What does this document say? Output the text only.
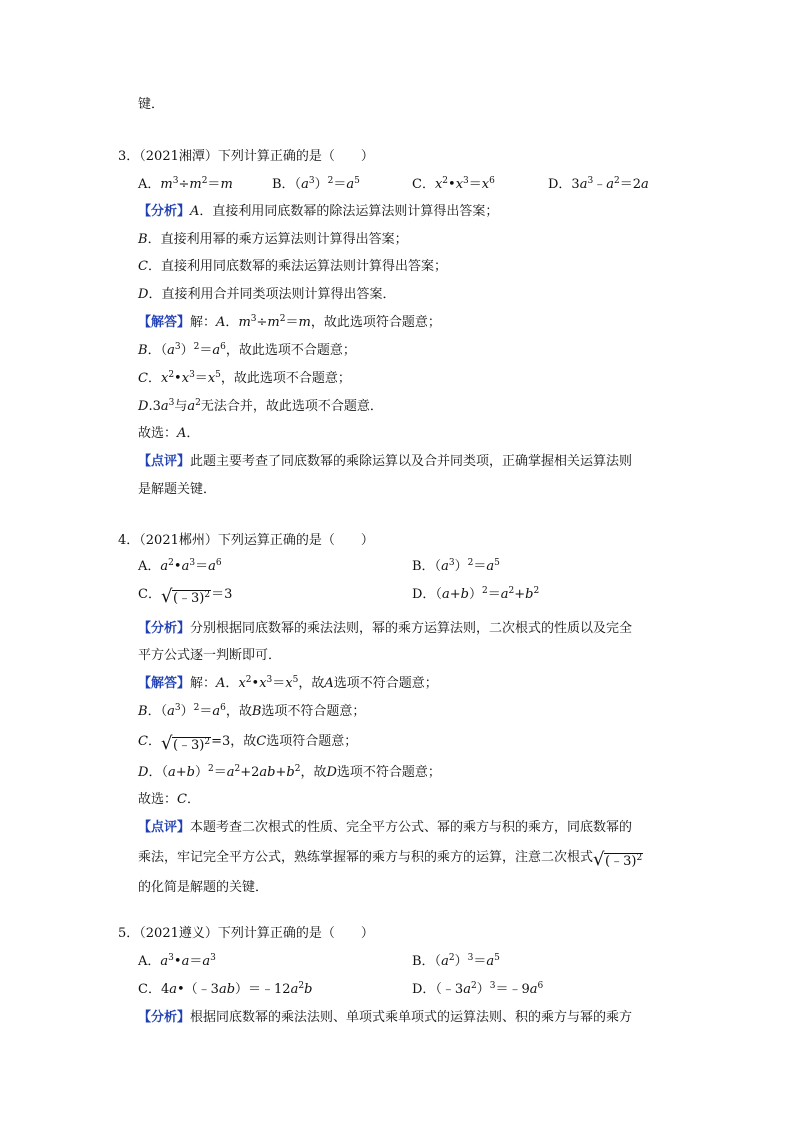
键．
3．（2021湘潭）下列计算正确的是（　　）
A．$m^3\div m^2=m$	B．$(a^3)^2=a^5$	C．$x^2•x^3=x^6$	D．$3a^3﹣a^2=2a$
【分析】A．直接利用同底数幂的除法运算法则计算得出答案；
B．直接利用幂的乘方运算法则计算得出答案；
C．直接利用同底数幂的乘法运算法则计算得出答案；
D．直接利用合并同类项法则计算得出答案．
【解答】解：A．$m^3\div m^2=m$，故此选项符合题意；
B．$(a^3)^2=a^6$，故此选项不合题意；
C．$x^2•x^3=x^5$，故此选项不合题意；
$D.3a^3$与$a^2$无法合并，故此选项不合题意．
故选：A．
【点评】此题主要考查了同底数幂的乘除运算以及合并同类项，正确掌握相关运算法则
是解题关键．
4．（2021郴州）下列运算正确的是（　　）
A．$a^2•a^3=a^6$	B．$(a^3)^2=a^5$
C． √ (﹣3)$^2$＝3	D．$(a+b)^2=a^2+b^2$
【分析】分别根据同底数幂的乘法法则，幂的乘方运算法则，二次根式的性质以及完全
平方公式逐一判断即可．
【解答】解：A．$x^2•x^3=x^5$，故A选项不符合题意；
B．$(a^3)^2=a^6$，故B选项不符合题意；
C． √ (﹣3)$^2$=3，故C选项符合题意；
D．$(a+b)^2=a^2+2ab+b^2$，故D选项不符合题意；
故选：C．
【点评】本题考查二次根式的性质、完全平方公式、幂的乘方与积的乘方，同底数幂的
乘法，牢记完全平方公式，熟练掌握幂的乘方与积的乘方的运算，注意二次根式 √ (﹣3)$^2$
的化简是解题的关键．
5．（2021遵义）下列计算正确的是（　　）
A．$a^3•a=a^3$	B．$(a^2)^3=a^5$
C．$4a•(﹣3ab)=﹣12a^2b$	D．$(﹣3a^2)^3=﹣9a^6$
【分析】根据同底数幂的乘法法则、单项式乘单项式的运算法则、积的乘方与幂的乘方
